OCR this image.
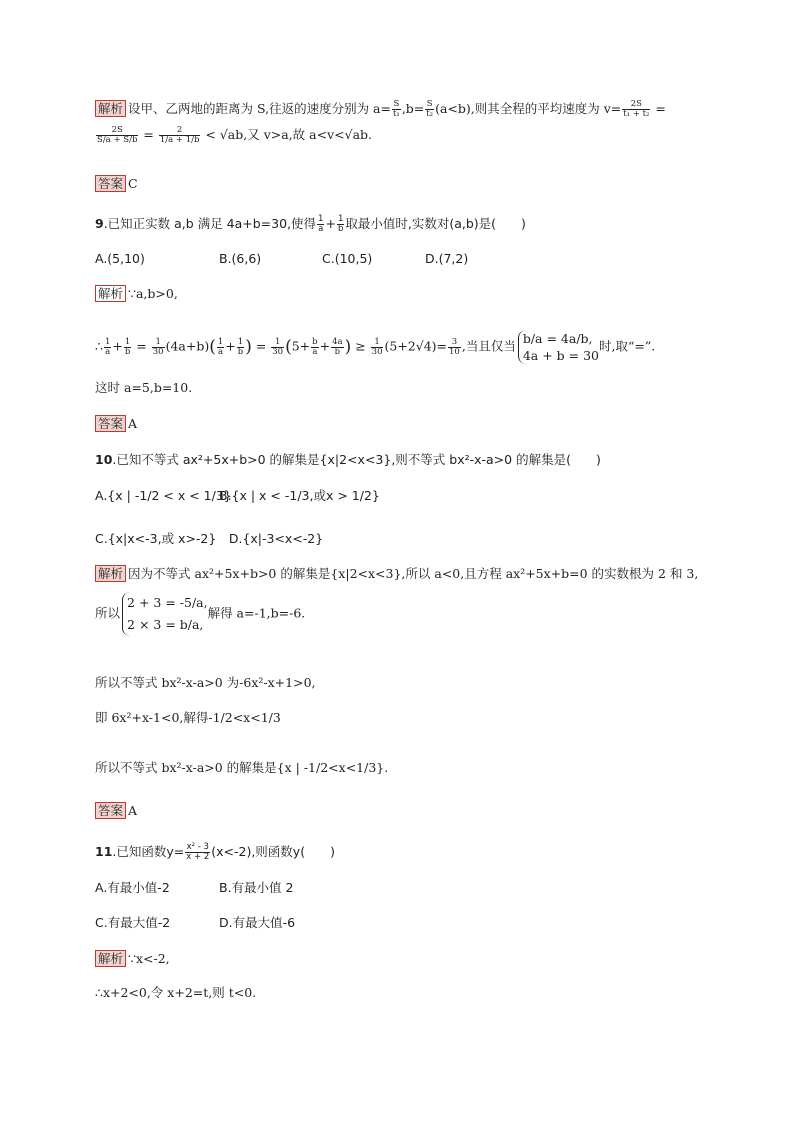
解析 设甲、乙两地的距离为 S,往返的速度分别为 $a= \frac{S}{\text{t₁}} ,b= \frac{S}{\text{t₂}} (a<b)$,则其全程的平均速度为 $v= \frac{2S}{\text{t₁ + t₂}}$ =
$\frac{2S}{S/a + S/b} = \frac{2}{1/a + 1/b} < √ab$,又 v>a,故 a<v<√ab.
答案 C
9.已知正实数 a,b 满足 4a+b=30,使得 $\frac{1}{a} + \frac{1}{b}$ 取最小值时,实数对(a,b)是(　　)
A.(5,10)	B.(6,6)	C.(10,5)	D.(7,2)
解析 ∵a,b>0,
∴ $\frac{1}{a} + \frac{1}{b} = \frac{1}{30} (4a+b)( \frac{1}{a} + \frac{1}{b}$ ) = $\frac{1}{30} (5+ \frac{b}{a} + \frac{4a}{b}$ ) ≥ $\frac{1}{30} (5+2√4)= \frac{3}{10}$ ,当且仅当 b/a = 4a/b,
4a + b = 30
时,取“=”.
这时 a=5,b=10.
答案 A
10.已知不等式 ax²+5x+b>0 的解集是{x|2<x<3},则不等式 bx²-x-a>0 的解集是(　　)
A.{x | -1/2 < x < 1/3}B.{x | x < -1/3,或x > 1/2}
C.{x|x<-3,或 x>-2}　D.{x|-3<x<-2}
解析 因为不等式 ax²+5x+b>0 的解集是{x|2<x<3},所以 a<0,且方程 ax²+5x+b=0 的实数根为 2 和 3,
所以
2 + 3 = -5/a,
2 × 3 = b/a,
解得 a=-1,b=-6.
所以不等式 bx²-x-a>0 为-6x²-x+1>0,
即 6x²+x-1<0,解得-1/2<x<1/3
所以不等式 bx²-x-a>0 的解集是{x | -1/2<x<1/3}.
答案 A
11.已知函数$y= \frac{\text{x² - 3}}{x + 2} (x<-2)$,则函数y(　　)
A.有最小值-2	B.有最小值 2
C.有最大值-2	D.有最大值-6
解析 ∵x<-2,
∴x+2<0,令 x+2=t,则 t<0.
